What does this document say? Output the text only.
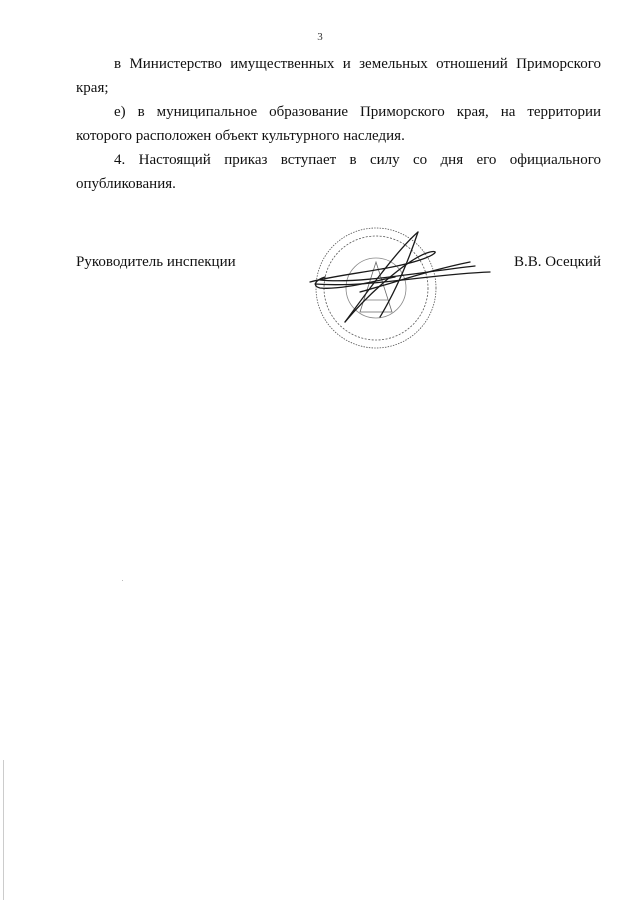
3

в Министерство имущественных и земельных отношений Приморского края;

е) в муниципальное образование Приморского края, на территории которого расположен объект культурного наследия.

4. Настоящий приказ вступает в силу со дня его официального опубликования.

Руководитель инспекции	В.В. Осецкий
